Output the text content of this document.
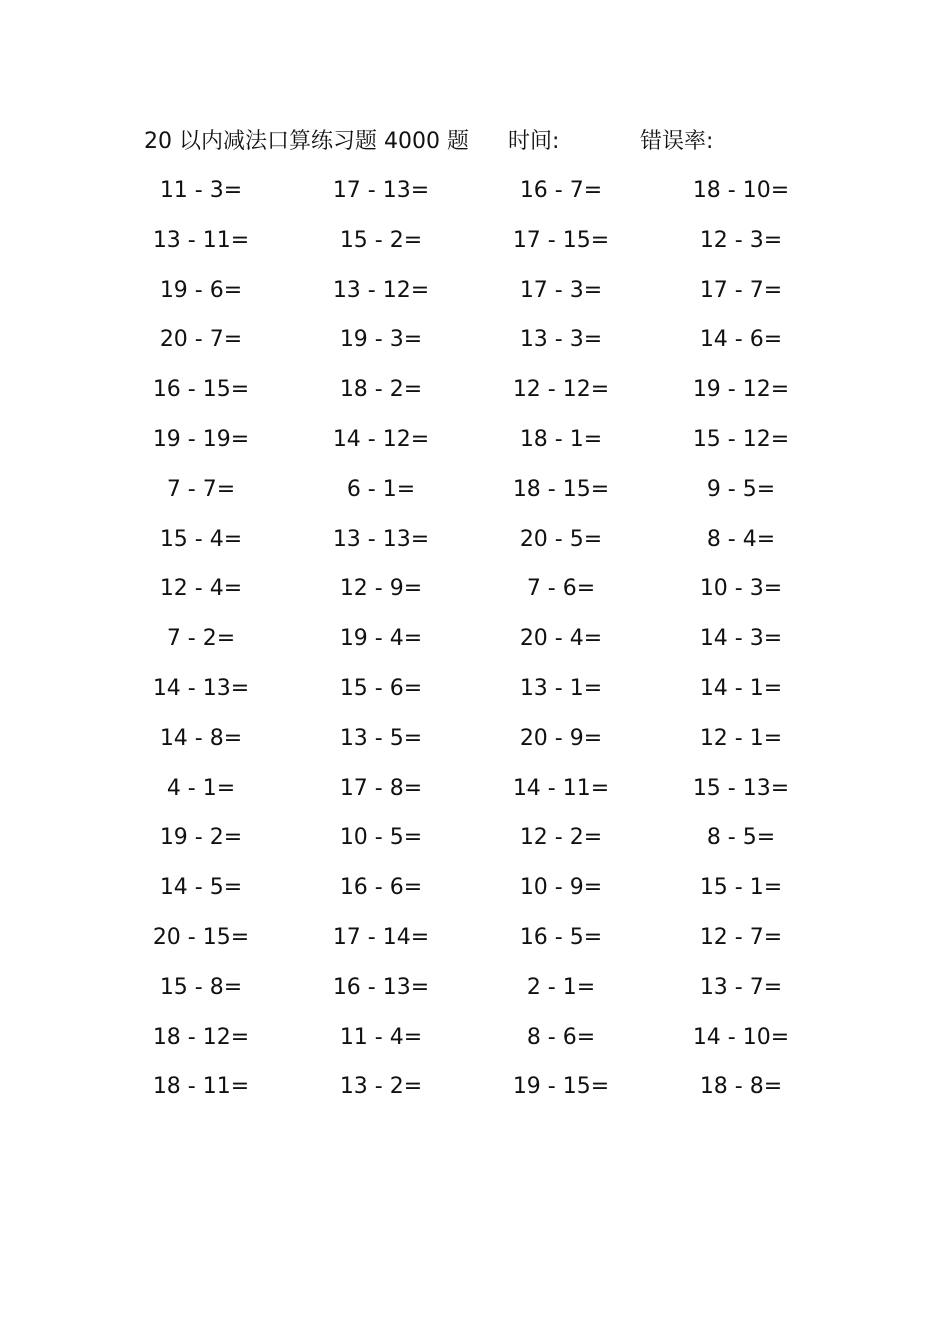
20 以内减法口算练习题 4000 题 时间:	错误率:
11 - 3=	17 - 13=	16 - 7=	18 - 10=
13 - 11=	15 - 2=	17 - 15=	12 - 3=
19 - 6=	13 - 12=	17 - 3=	17 - 7=
20 - 7=	19 - 3=	13 - 3=	14 - 6=
16 - 15=	18 - 2=	12 - 12=	19 - 12=
19 - 19=	14 - 12=	18 - 1=	15 - 12=
7 - 7=	6 - 1=	18 - 15=	9 - 5=
15 - 4=	13 - 13=	20 - 5=	8 - 4=
12 - 4=	12 - 9=	7 - 6=	10 - 3=
7 - 2=	19 - 4=	20 - 4=	14 - 3=
14 - 13=	15 - 6=	13 - 1=	14 - 1=
14 - 8=	13 - 5=	20 - 9=	12 - 1=
4 - 1=	17 - 8=	14 - 11=	15 - 13=
19 - 2=	10 - 5=	12 - 2=	8 - 5=
14 - 5=	16 - 6=	10 - 9=	15 - 1=
20 - 15=	17 - 14=	16 - 5=	12 - 7=
15 - 8=	16 - 13=	2 - 1=	13 - 7=
18 - 12=	11 - 4=	8 - 6=	14 - 10=
18 - 11=	13 - 2=	19 - 15=	18 - 8=
